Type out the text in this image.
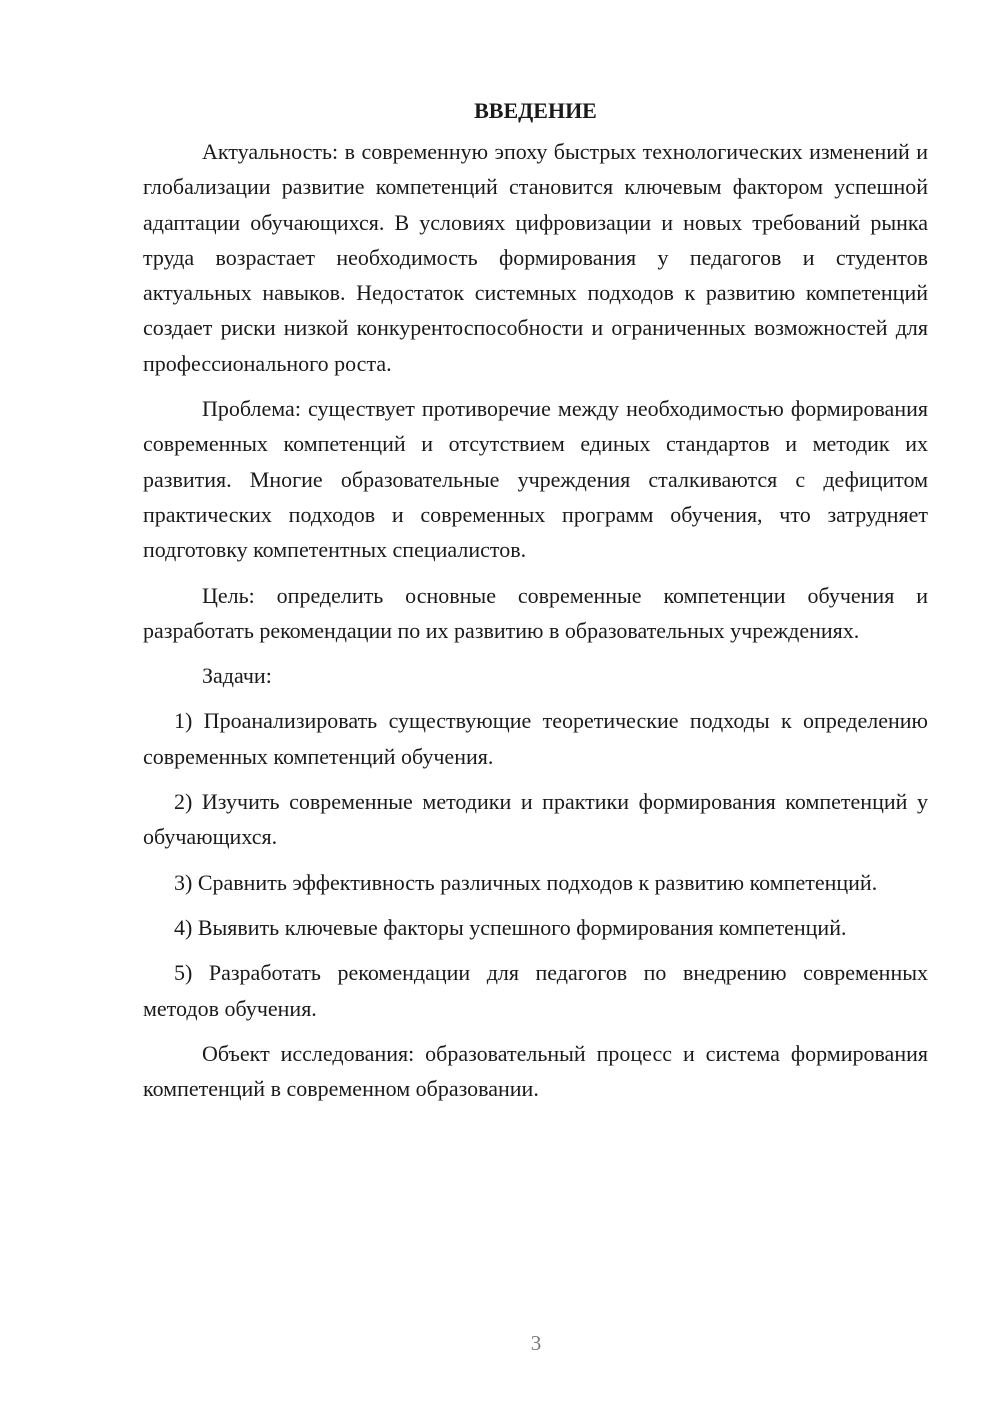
ВВЕДЕНИЕ

Актуальность: в современную эпоху быстрых технологических изменений и глобализации развитие компетенций становится ключевым фактором успешной адаптации обучающихся. В условиях цифровизации и новых требований рынка труда возрастает необходимость формирования у педагогов и студентов актуальных навыков. Недостаток системных подходов к развитию компетенций создает риски низкой конкурентоспособности и ограниченных возможностей для профессионального роста.

Проблема: существует противоречие между необходимостью формирования современных компетенций и отсутствием единых стандартов и методик их развития. Многие образовательные учреждения сталкиваются с дефицитом практических подходов и современных программ обучения, что затрудняет подготовку компетентных специалистов.

Цель: определить основные современные компетенции обучения и разработать рекомендации по их развитию в образовательных учреждениях.

Задачи:

1) Проанализировать существующие теоретические подходы к определению современных компетенций обучения.

2) Изучить современные методики и практики формирования компетенций у обучающихся.

3) Сравнить эффективность различных подходов к развитию компетенций.

4) Выявить ключевые факторы успешного формирования компетенций.

5) Разработать рекомендации для педагогов по внедрению современных методов обучения.

Объект исследования: образовательный процесс и система формирования компетенций в современном образовании.

3
